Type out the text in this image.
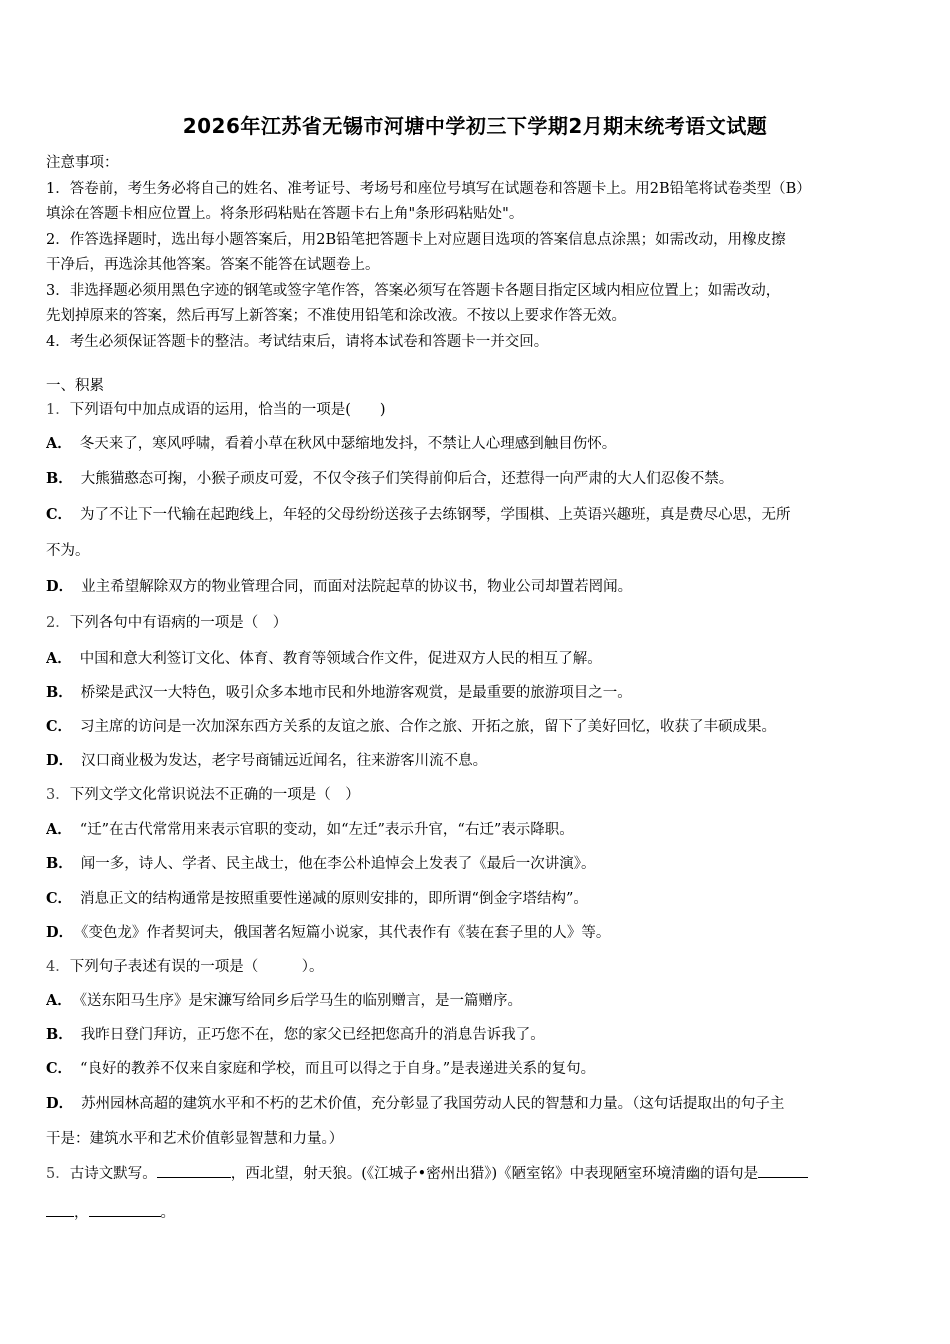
2026年江苏省无锡市河塘中学初三下学期2月期末统考语文试题
注意事项：
1．答卷前，考生务必将自己的姓名、准考证号、考场号和座位号填写在试题卷和答题卡上。用2B铅笔将试卷类型（B）
填涂在答题卡相应位置上。将条形码粘贴在答题卡右上角"条形码粘贴处"。
2．作答选择题时，选出每小题答案后，用2B铅笔把答题卡上对应题目选项的答案信息点涂黑；如需改动，用橡皮擦
干净后，再选涂其他答案。答案不能答在试题卷上。
3．非选择题必须用黑色字迹的钢笔或签字笔作答，答案必须写在答题卡各题目指定区域内相应位置上；如需改动，
先划掉原来的答案，然后再写上新答案；不准使用铅笔和涂改液。不按以上要求作答无效。
4．考生必须保证答题卡的整洁。考试结束后，请将本试卷和答题卡一并交回。
一、积累
1．下列语句中加点成语的运用，恰当的一项是(　　)
A． 冬天来了，寒风呼啸，看着小草在秋风中瑟缩地发抖，不禁让人心理感到触目伤怀。
B． 大熊猫憨态可掬，小猴子顽皮可爱，不仅令孩子们笑得前仰后合，还惹得一向严肃的大人们忍俊不禁。
C． 为了不让下一代输在起跑线上，年轻的父母纷纷送孩子去练钢琴，学围棋、上英语兴趣班，真是费尽心思，无所
不为。
D． 业主希望解除双方的物业管理合同，而面对法院起草的协议书，物业公司却置若罔闻。
2．下列各句中有语病的一项是（　）
A． 中国和意大利签订文化、体育、教育等领域合作文件，促进双方人民的相互了解。
B． 桥梁是武汉一大特色，吸引众多本地市民和外地游客观赏，是最重要的旅游项目之一。
C． 习主席的访问是一次加深东西方关系的友谊之旅、合作之旅、开拓之旅，留下了美好回忆，收获了丰硕成果。
D． 汉口商业极为发达，老字号商铺远近闻名，往来游客川流不息。
3．下列文学文化常识说法不正确的一项是（　）
A． “迁”在古代常常用来表示官职的变动，如“左迁”表示升官，“右迁”表示降职。
B． 闻一多，诗人、学者、民主战士，他在李公朴追悼会上发表了《最后一次讲演》。
C． 消息正文的结构通常是按照重要性递减的原则安排的，即所谓“倒金字塔结构”。
D． 《变色龙》作者契诃夫，俄国著名短篇小说家，其代表作有《装在套子里的人》等。
4．下列句子表述有误的一项是（　　　）。
A． 《送东阳马生序》是宋濂写给同乡后学马生的临别赠言，是一篇赠序。
B． 我昨日登门拜访，正巧您不在，您的家父已经把您高升的消息告诉我了。
C． “良好的教养不仅来自家庭和学校，而且可以得之于自身。”是表递进关系的复句。
D． 苏州园林高超的建筑水平和不朽的艺术价值，充分彰显了我国劳动人民的智慧和力量。（这句话提取出的句子主
干是：建筑水平和艺术价值彰显智慧和力量。）
5．古诗文默写。	，西北望，射天狼。(《江城子•密州出猎》)《陋室铭》中表现陋室环境清幽的语句是
，	。
